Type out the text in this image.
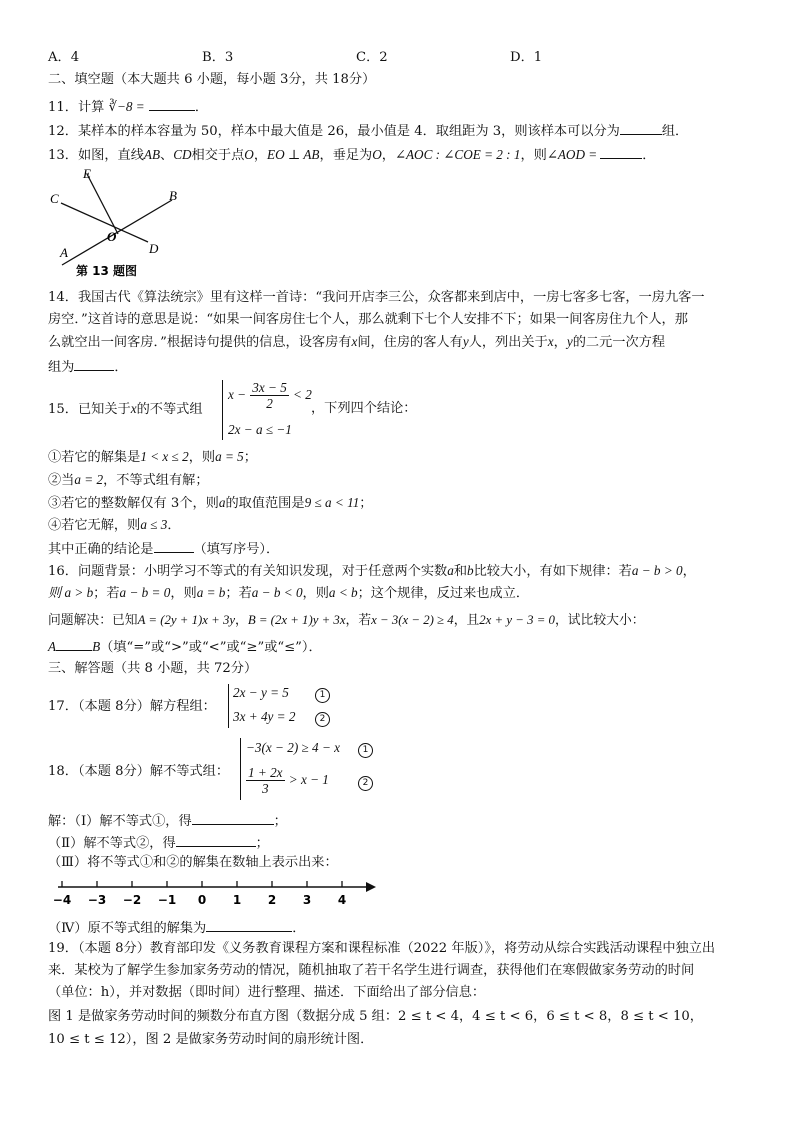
A．4	B．3	C．2	D．1
二、填空题（本大题共 6 小题，每小题 3分，共 18分）
11．计算 ∛−8 =	．
12．某样本的样本容量为 50，样本中最大值是 26，最小值是 4．取组距为 3，则该样本可以分为	组．
13．如图，直线AB、CD相交于点O，EO ⊥ AB，垂足为O，∠AOC : ∠COE = 2 : 1，则∠AOD =	．
C
E
B
O
D
A
第 13 题图
14．我国古代《算法统宗》里有这样一首诗：“我问开店李三公，众客都来到店中，一房七客多七客，一房九客一
房空．”这首诗的意思是说：“如果一间客房住七个人，那么就剩下七个人安排不下；如果一间客房住九个人，那
么就空出一间客房．”根据诗句提供的信息，设客房有x间，住房的客人有y人，列出关于x，y的二元一次方程
组为	．
15．已知关于x的不等式组
$x - \frac{3x - 5}{2} < 2$
2x − a ≤ −1
，下列四个结论：
①若它的解集是1 < x ≤ 2，则a = 5；
②当a = 2，不等式组有解；
③若它的整数解仅有 3个，则a的取值范围是9 ≤ a < 11；
④若它无解，则a ≤ 3．
其中正确的结论是	（填写序号）．
16．问题背景：小明学习不等式的有关知识发现，对于任意两个实数a和b比较大小，有如下规律：若a − b > 0，
则 a > b；若a − b = 0，则a = b；若a − b < 0，则a < b；这个规律，反过来也成立．
问题解决：已知A = (2y + 1)x + 3y，B = (2x + 1)y + 3x，若x − 3(x − 2) ≥ 4，且2x + y − 3 = 0，试比较大小：
A	B（填“=”或“>”或“<”或“≥”或“≤”）．
三、解答题（共 8 小题，共 72分）
17．（本题 8分）解方程组：
2x − y = 5
3x + 4y = 2
1
2
18．（本题 8分）解不等式组：
−3(x − 2) ≥ 4 − x	1
$\frac{1 + 2x}{3} > x - 1$	2
解：（Ⅰ）解不等式①，得	；
（Ⅱ）解不等式②，得	；
（Ⅲ）将不等式①和②的解集在数轴上表示出来：
−4 −3 −2 −1 0 1 2 3 4
（Ⅳ）原不等式组的解集为	．
19．（本题 8分）教育部印发《义务教育课程方案和课程标准（2022 年版）》，将劳动从综合实践活动课程中独立出
来．某校为了解学生参加家务劳动的情况，随机抽取了若干名学生进行调查，获得他们在寒假做家务劳动的时间
（单位：h），并对数据（即时间）进行整理、描述．下面给出了部分信息：
图 1 是做家务劳动时间的频数分布直方图（数据分成 5 组：2 ≤ t < 4，4 ≤ t < 6，6 ≤ t < 8，8 ≤ t < 10，
10 ≤ t ≤ 12），图 2 是做家务劳动时间的扇形统计图．
